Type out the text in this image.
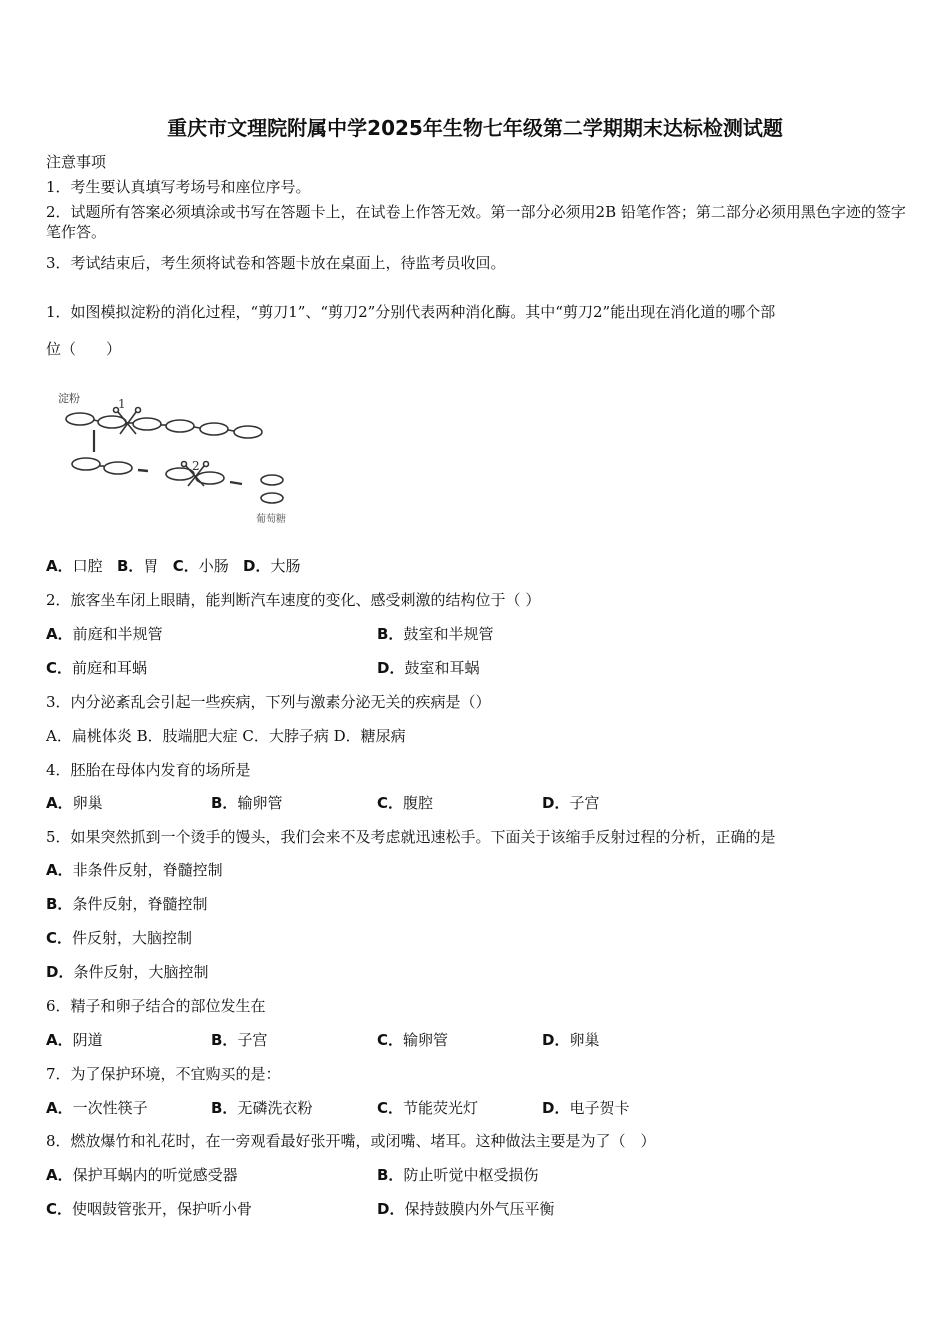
重庆市文理院附属中学2025年生物七年级第二学期期末达标检测试题
注意事项
1．考生要认真填写考场号和座位序号。
2．试题所有答案必须填涂或书写在答题卡上，在试卷上作答无效。第一部分必须用2B 铅笔作答；第二部分必须用黑色字迹的签字笔作答。
3．考试结束后，考生须将试卷和答题卡放在桌面上，待监考员收回。
1．如图模拟淀粉的消化过程，“剪刀1”、“剪刀2”分别代表两种消化酶。其中“剪刀2”能出现在消化道的哪个部
位（　　）
淀粉	1
2
葡萄糖
A．口腔 B．胃 C．小肠 D．大肠
2．旅客坐车闭上眼睛，能判断汽车速度的变化、感受刺激的结构位于（ ）
A．前庭和半规管	B．鼓室和半规管
C．前庭和耳蜗	D．鼓室和耳蜗
3．内分泌紊乱会引起一些疾病，下列与激素分泌无关的疾病是（）
A．扁桃体炎 B．肢端肥大症 C．大脖子病 D．糖尿病
4．胚胎在母体内发育的场所是
A．卵巢	B．输卵管	C．腹腔	D．子宫
5．如果突然抓到一个烫手的馒头，我们会来不及考虑就迅速松手。下面关于该缩手反射过程的分析，正确的是
A．非条件反射，脊髓控制
B．条件反射，脊髓控制
C．件反射，大脑控制
D．条件反射，大脑控制
6．精子和卵子结合的部位发生在
A．阴道	B．子宫	C．输卵管	D．卵巢
7．为了保护环境，不宜购买的是：
A．一次性筷子	B．无磷洗衣粉	C．节能荧光灯	D．电子贺卡
8．燃放爆竹和礼花时，在一旁观看最好张开嘴，或闭嘴、堵耳。这种做法主要是为了（　）
A．保护耳蜗内的听觉感受器	B．防止听觉中枢受损伤
C．使咽鼓管张开，保护听小骨	D．保持鼓膜内外气压平衡
